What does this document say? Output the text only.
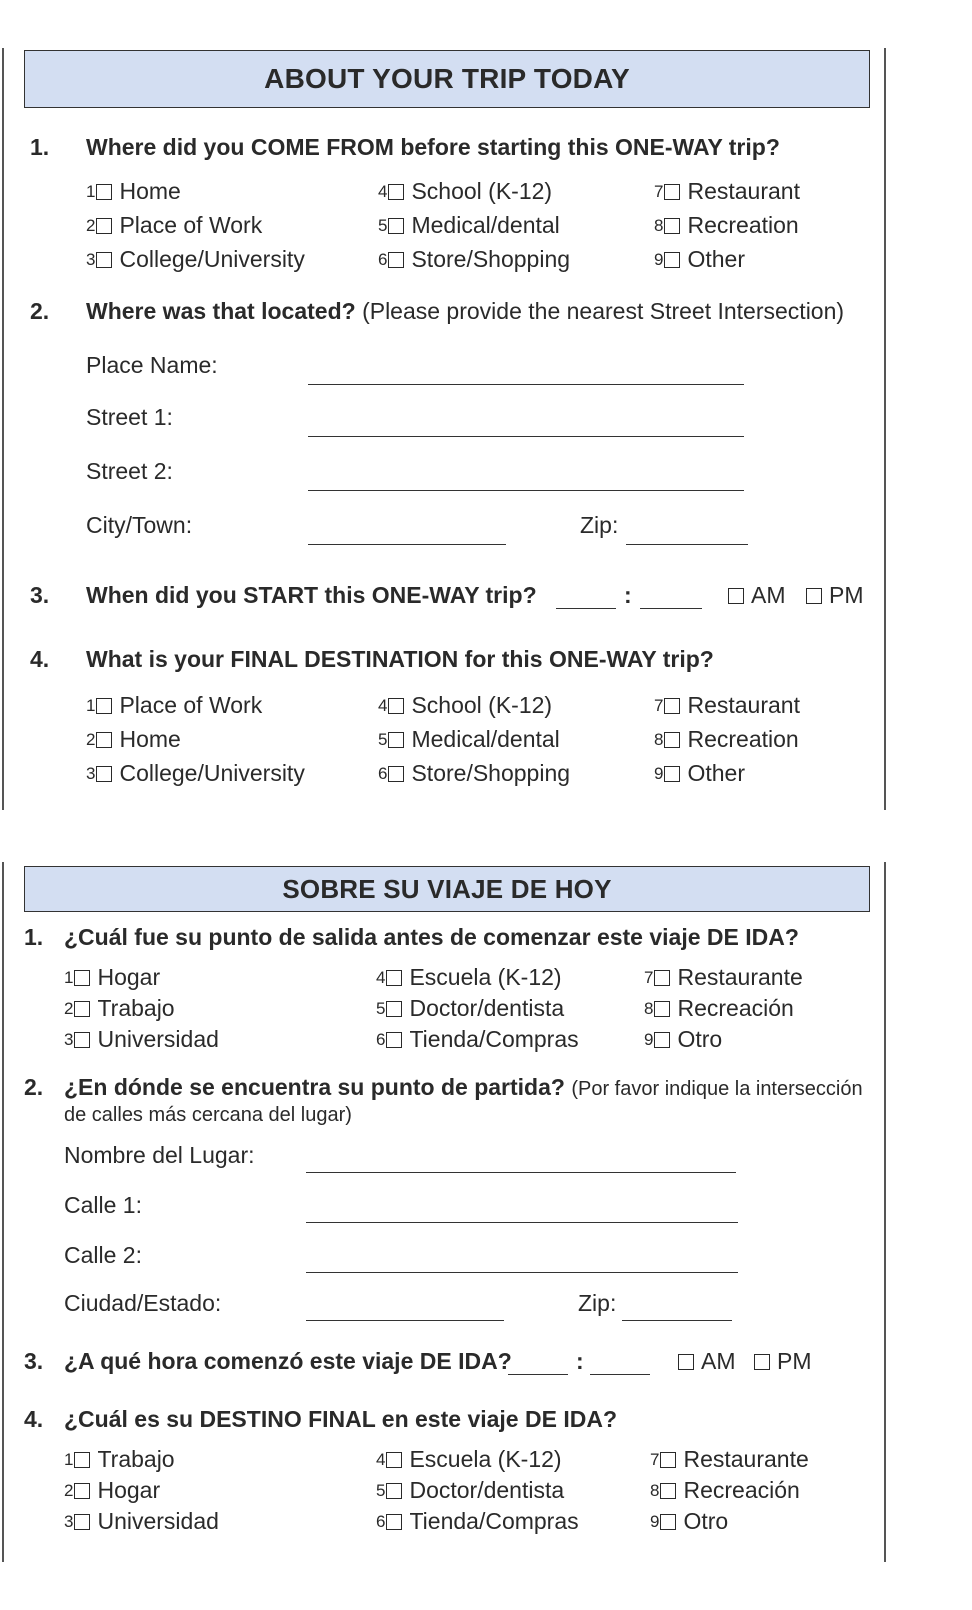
ABOUT YOUR TRIP TODAY
1. Where did you COME FROM before starting this ONE-WAY trip?
1 Home
2 Place of Work
3 College/University
4 School (K-12)
5 Medical/dental
6 Store/Shopping
7 Restaurant
8 Recreation
9 Other
2. Where was that located? (Please provide the nearest Street Intersection)
Place Name:
Street 1:
Street 2:
City/Town:	Zip:
3. When did you START this ONE-WAY trip?	:	AM PM
4. What is your FINAL DESTINATION for this ONE-WAY trip?
1 Place of Work
2 Home
3 College/University
4 School (K-12)
5 Medical/dental
6 Store/Shopping
7 Restaurant
8 Recreation
9 Other
SOBRE SU VIAJE DE HOY
1. ¿Cuál fue su punto de salida antes de comenzar este viaje DE IDA?
1 Hogar
2 Trabajo
3 Universidad
4 Escuela (K-12)
5 Doctor/dentista
6 Tienda/Compras
7 Restaurante
8 Recreación
9 Otro
2. ¿En dónde se encuentra su punto de partida? (Por favor indique la intersección
de calles más cercana del lugar)
Nombre del Lugar:
Calle 1:
Calle 2:
Ciudad/Estado:	Zip:
3. ¿A qué hora comenzó este viaje DE IDA?	:	AM PM
4. ¿Cuál es su DESTINO FINAL en este viaje DE IDA?
1 Trabajo
2 Hogar
3 Universidad
4 Escuela (K-12)
5 Doctor/dentista
6 Tienda/Compras
7 Restaurante
8 Recreación
9 Otro
